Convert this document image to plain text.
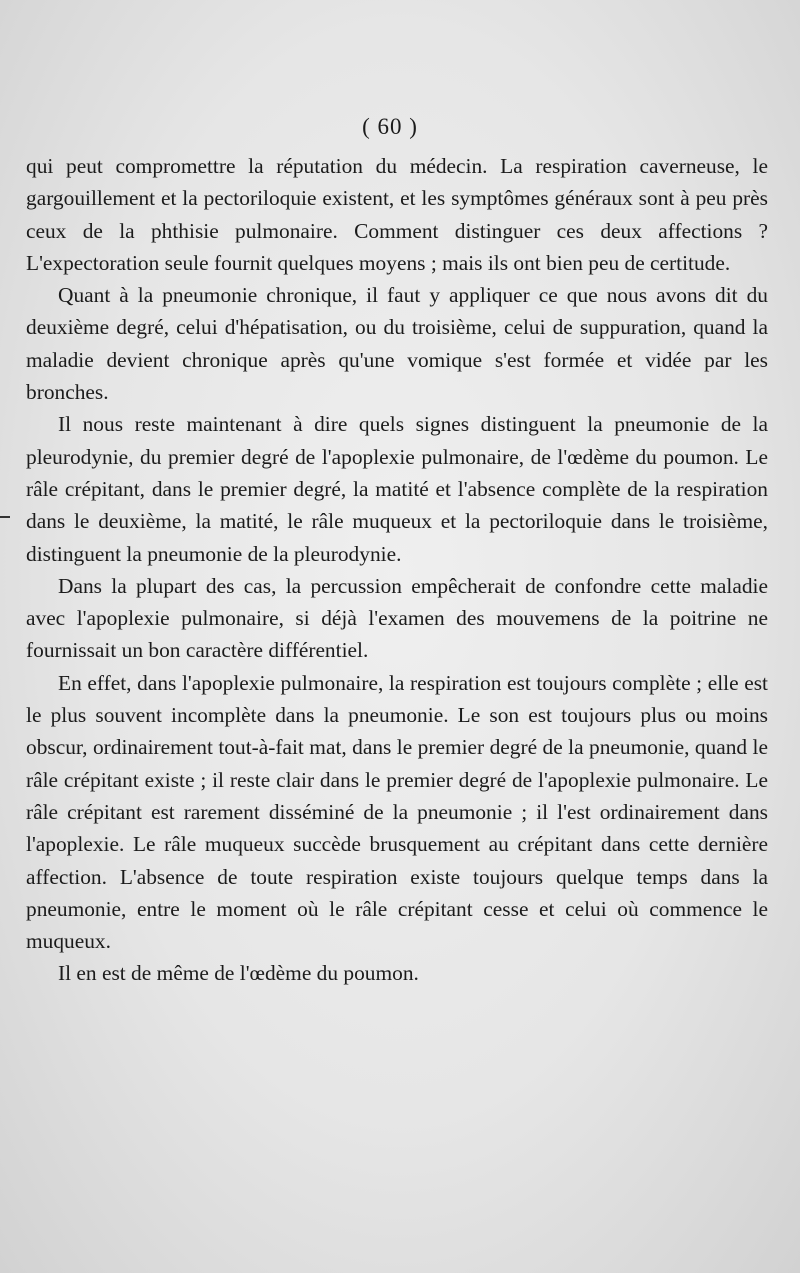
( 60 )

qui peut compromettre la réputation du médecin. La respiration caverneuse, le gargouillement et la pectoriloquie existent, et les symptômes généraux sont à peu près ceux de la phthisie pulmonaire. Comment distinguer ces deux affections ? L'expectoration seule fournit quelques moyens ; mais ils ont bien peu de certitude.

Quant à la pneumonie chronique, il faut y appliquer ce que nous avons dit du deuxième degré, celui d'hépatisation, ou du troisième, celui de suppuration, quand la maladie devient chronique après qu'une vomique s'est formée et vidée par les bronches.

Il nous reste maintenant à dire quels signes distinguent la pneumonie de la pleurodynie, du premier degré de l'apoplexie pulmonaire, de l'œdème du poumon. Le râle crépitant, dans le premier degré, la matité et l'absence complète de la respiration dans le deuxième, la matité, le râle muqueux et la pectoriloquie dans le troisième, distinguent la pneumonie de la pleurodynie.

Dans la plupart des cas, la percussion empêcherait de confondre cette maladie avec l'apoplexie pulmonaire, si déjà l'examen des mouvemens de la poitrine ne fournissait un bon caractère différentiel.

En effet, dans l'apoplexie pulmonaire, la respiration est toujours complète ; elle est le plus souvent incomplète dans la pneumonie. Le son est toujours plus ou moins obscur, ordinairement tout-à-fait mat, dans le premier degré de la pneumonie, quand le râle crépitant existe ; il reste clair dans le premier degré de l'apoplexie pulmonaire. Le râle crépitant est rarement disséminé de la pneumonie ; il l'est ordinairement dans l'apoplexie. Le râle muqueux succède brusquement au crépitant dans cette dernière affection. L'absence de toute respiration existe toujours quelque temps dans la pneumonie, entre le moment où le râle crépitant cesse et celui où commence le muqueux.

Il en est de même de l'œdème du poumon.
